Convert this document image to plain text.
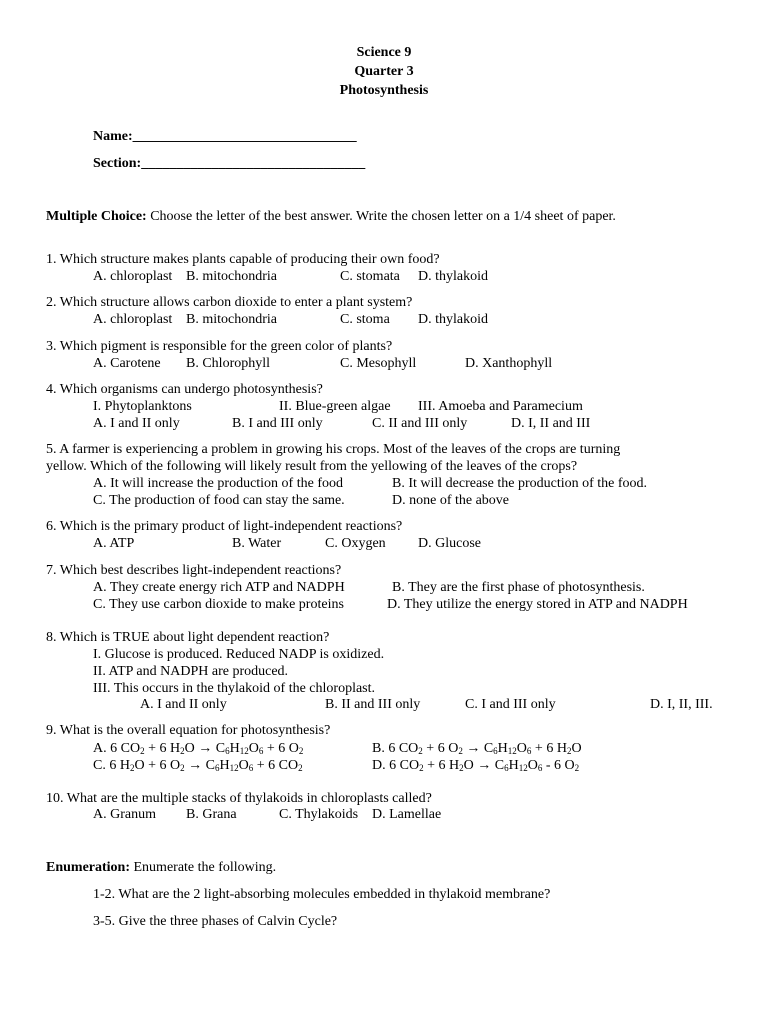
Science 9
Quarter 3
Photosynthesis
Name:________________________________
Section:________________________________
Multiple Choice: Choose the letter of the best answer. Write the chosen letter on a 1/4 sheet of paper.
1. Which structure makes plants capable of producing their own food?
A. chloroplast B. mitochondria	C. stomata D. thylakoid
2. Which structure allows carbon dioxide to enter a plant system?
A. chloroplast B. mitochondria	C. stoma D. thylakoid
3. Which pigment is responsible for the green color of plants?
A. Carotene B. Chlorophyll	C. Mesophyll	D. Xanthophyll
4. Which organisms can undergo photosynthesis?
I. Phytoplanktons	II. Blue-green algae III. Amoeba and Paramecium
A. I and II only	B. I and III only	C. II and III only	D. I, II and III
5. A farmer is experiencing a problem in growing his crops. Most of the leaves of the crops are turning
yellow. Which of the following will likely result from the yellowing of the leaves of the crops?
A. It will increase the production of the food	B. It will decrease the production of the food.
C. The production of food can stay the same.	D. none of the above
6. Which is the primary product of light-independent reactions?
A. ATP	B. Water	C. Oxygen D. Glucose
7. Which best describes light-independent reactions?
A. They create energy rich ATP and NADPH	B. They are the first phase of photosynthesis.
C. They use carbon dioxide to make proteins	D. They utilize the energy stored in ATP and NADPH
8. Which is TRUE about light dependent reaction?
I. Glucose is produced. Reduced NADP is oxidized.
II. ATP and NADPH are produced.
III. This occurs in the thylakoid of the chloroplast.
A. I and II only	B. II and III only	C. I and III only	D. I, II, III.
9. What is the overall equation for photosynthesis?
A. 6 $CO_2 + 6$ $H_2O \to C_6H_{12}O_6 + 6$ $O_2$	B. 6 $CO_2 + 6$ $O_2 \to C_6H_{12}O_6 + 6$ $H_2O$
C. 6 $H_2O + 6$ $O_2 \to C_6H_{12}O_6 + 6$ $CO_2$	D. 6 $CO_2 + 6$ $H_2O \to C_6H_{12}O_6 - 6$ $O_2$
10. What are the multiple stacks of thylakoids in chloroplasts called?
A. Granum B. Grana	C. Thylakoids D. Lamellae
Enumeration: Enumerate the following.
1-2. What are the 2 light-absorbing molecules embedded in thylakoid membrane?
3-5. Give the three phases of Calvin Cycle?
